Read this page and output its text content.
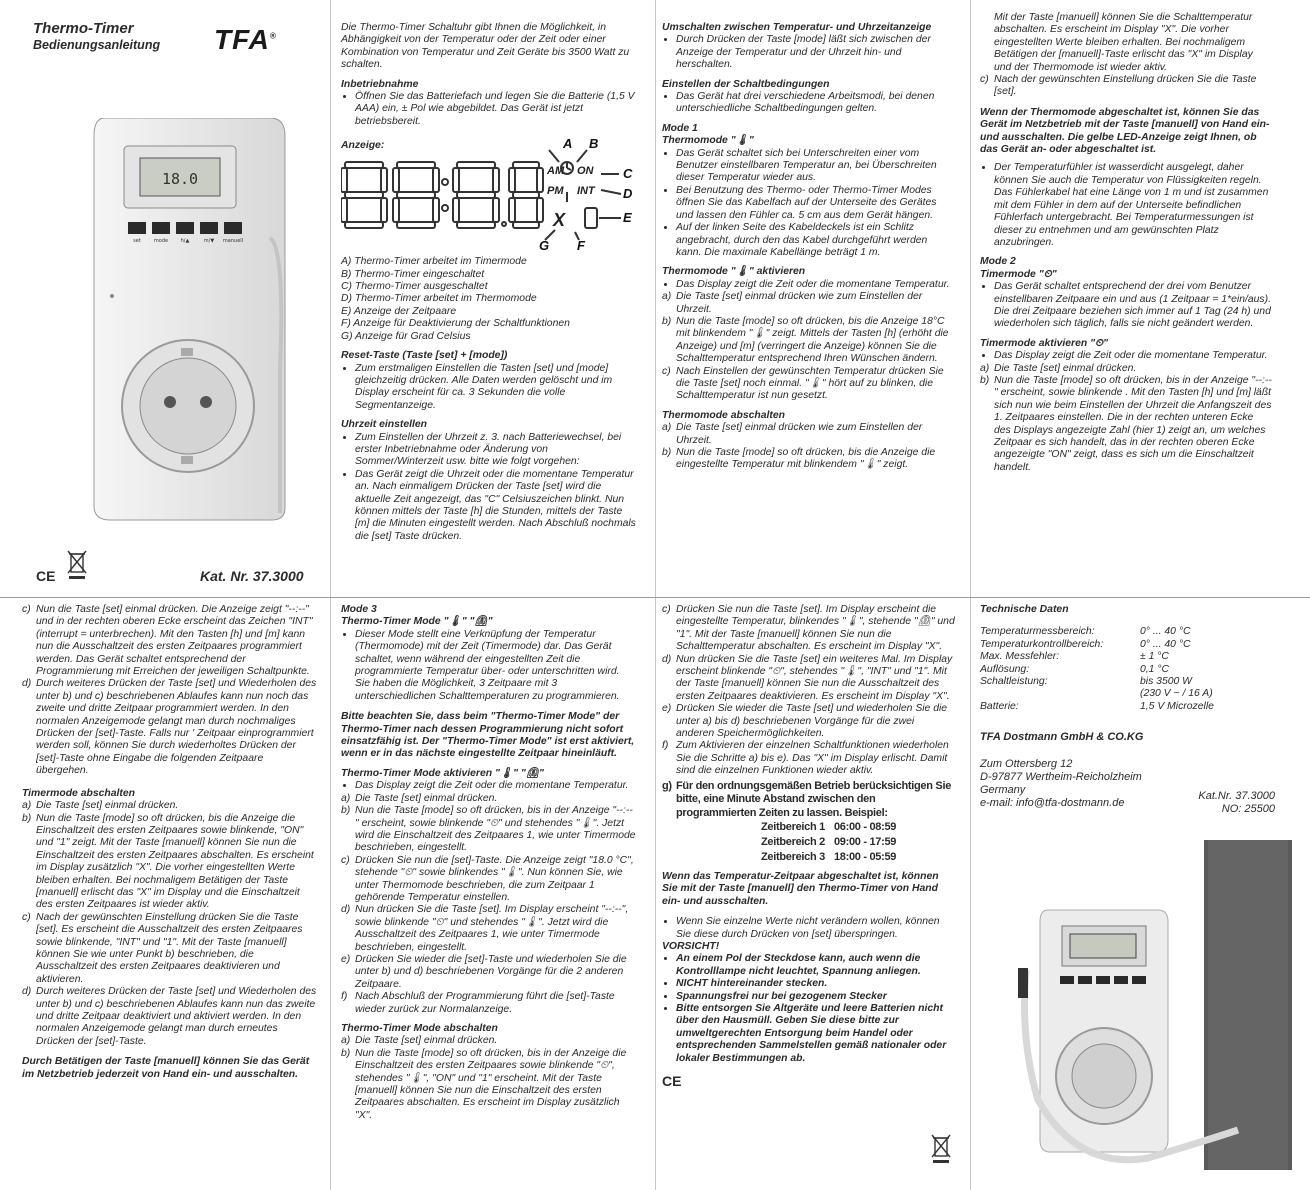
Thermo-Timer
Bedienungsanleitung TFA®
18.0
set	mode	h/▲	m/▼ manuell
CE	Kat. Nr. 37.3000

Die Thermo-Timer Schaltuhr gibt Ihnen die Möglichkeit, in Abhängigkeit von der Temperatur oder der Zeit oder einer Kombination von Temperatur und Zeit Geräte bis 3500 Watt zu schalten.

Inbetriebnahme

• Öffnen Sie das Batteriefach und legen Sie die Batterie (1,5 V AAA) ein, ± Pol wie abgebildet. Das Gerät ist jetzt betriebsbereit.
Anzeige:
AM
PM
ON
INT
X
A B
C
D
E
G F
A) Thermo-Timer arbeitet im Timermode
B) Thermo-Timer eingeschaltet
C) Thermo-Timer ausgeschaltet
D) Thermo-Timer arbeitet im Thermomode
E) Anzeige der Zeitpaare
F) Anzeige für Deaktivierung der Schaltfunktionen
G) Anzeige für Grad Celsius

Reset-Taste (Taste [set] + [mode])

• Zum erstmaligen Einstellen die Tasten [set] und [mode] gleichzeitig drücken. Alle Daten werden gelöscht und im Display erscheint für ca. 3 Sekunden die volle Segmentanzeige.

Uhrzeit einstellen

• Zum Einstellen der Uhrzeit z. 3. nach Batteriewechsel, bei erster Inbetriebnahme oder Änderung von Sommer/Winterzeit usw. bitte wie folgt vorgehen:
• Das Gerät zeigt die Uhrzeit oder die momentane Temperatur an. Nach einmaligem Drücken der Taste [set] wird die aktuelle Zeit angezeigt, das "C" Celsiuszeichen blinkt. Nun können mittels der Taste [h] die Stunden, mittels der Taste [m] die Minuten eingestellt werden. Nach Abschluß nochmals die [set] Taste drücken.

Umschalten zwischen Temperatur- und Uhrzeitanzeige

• Durch Drücken der Taste [mode] läßt sich zwischen der Anzeige der Temperatur und der Uhrzeit hin- und herschalten.

Einstellen der Schaltbedingungen

• Das Gerät hat drei verschiedene Arbeitsmodi, bei denen unterschiedliche Schaltbedingungen gelten.

Mode 1

Thermomode "🌡"

• Das Gerät schaltet sich bei Unterschreiten einer vom Benutzer einstellbaren Temperatur an, bei Überschreiten dieser Temperatur wieder aus.
• Bei Benutzung des Thermo- oder Thermo-Timer Modes öffnen Sie das Kabelfach auf der Unterseite des Gerätes und lassen den Fühler ca. 5 cm aus dem Gerät hängen.
• Auf der linken Seite des Kabeldeckels ist ein Schlitz angebracht, durch den das Kabel durchgeführt werden kann. Die maximale Kabellänge beträgt 1 m.

Thermomode "🌡" aktivieren

• Das Display zeigt die Zeit oder die momentane Temperatur.
a) Die Taste [set] einmal drücken wie zum Einstellen der Uhrzeit.
b) Nun die Taste [mode] so oft drücken, bis die Anzeige 18°C mit blinkendem "🌡" zeigt. Mittels der Tasten [h] (erhöht die Anzeige) und [m] (verringert die Anzeige) können Sie die Schalttemperatur entsprechend Ihren Wünschen ändern.
c) Nach Einstellen der gewünschten Temperatur drücken Sie die Taste [set] noch einmal. "🌡" hört auf zu blinken, die Schalttemperatur ist nun gesetzt.

Thermomode abschalten

a) Die Taste [set] einmal drücken wie zum Einstellen der Uhrzeit.
b) Nun die Taste [mode] so oft drücken, bis die Anzeige die eingestellte Temperatur mit blinkendem "🌡" zeigt.

Mit der Taste [manuell] können Sie die Schalttemperatur abschalten. Es erscheint im Display "X". Die vorher eingestellten Werte bleiben erhalten. Bei nochmaligem Betätigen der [manuell]-Taste erlischt das "X" im Display und der Thermomode ist wieder aktiv.

c) Nach der gewünschten Einstellung drücken Sie die Taste [set].

Wenn der Thermomode abgeschaltet ist, können Sie das Gerät im Netzbetrieb mit der Taste [manuell] von Hand ein- und ausschalten. Die gelbe LED-Anzeige zeigt Ihnen, ob das Gerät an- oder abgeschaltet ist.

• Der Temperaturfühler ist wasserdicht ausgelegt, daher können Sie auch die Temperatur von Flüssigkeiten regeln. Das Fühlerkabel hat eine Länge von 1 m und ist zusammen mit dem Fühler in dem auf der Unterseite befindlichen Fühlerfach untergebracht. Bei Temperaturmessungen ist dieser zu entnehmen und am gewünschten Platz anzubringen.

Mode 2

Timermode "⏲"

• Das Gerät schaltet entsprechend der drei vom Benutzer einstellbaren Zeitpaare ein und aus (1 Zeitpaar = 1*ein/aus). Die drei Zeitpaare beziehen sich immer auf 1 Tag (24 h) und wiederholen sich täglich, falls sie nicht geändert werden.

Timermode aktivieren "⏲"

• Das Display zeigt die Zeit oder die momentane Temperatur.
a) Die Taste [set] einmal drücken.
b) Nun die Taste [mode] so oft drücken, bis in der Anzeige "--:--" erscheint, sowie blinkende . Mit den Tasten [h] und [m] läßt sich nun wie beim Einstellen der Uhrzeit die Anfangszeit des 1. Zeitpaares einstellen. Die in der rechten unteren Ecke des Displays angezeigte Zahl (hier 1) zeigt an, um welches Zeitpaar es sich handelt, das in der rechten oberen Ecke angezeigte "ON" zeigt, dass es sich um die Einschaltzeit handelt.
c) Nun die Taste [set] einmal drücken. Die Anzeige zeigt "--:--" und in der rechten oberen Ecke erscheint das Zeichen "INT" (interrupt = unterbrechen). Mit den Tasten [h] und [m] kann nun die Ausschaltzeit des ersten Zeitpaares programmiert werden. Das Gerät schaltet entsprechend der Programmierung mit Erreichen der jeweiligen Schaltpunkte.
d) Durch weiteres Drücken der Taste [set] und Wiederholen des unter b) und c) beschriebenen Ablaufes kann nun noch das zweite und dritte Zeitpaar programmiert werden. In den normalen Anzeigemode gelangt man durch nochmaliges Drücken der [set]-Taste. Falls nur ' Zeitpaar einprogrammiert werden soll, können Sie durch wiederholtes Drücken der [set]-Taste ohne Eingabe die folgenden Zeitpaare übergehen.

Timermode abschalten

a) Die Taste [set] einmal drücken.
b) Nun die Taste [mode] so oft drücken, bis die Anzeige die Einschaltzeit des ersten Zeitpaares sowie blinkende, "ON" und "1" zeigt. Mit der Taste [manuell] können Sie nun die Einschaltzeit des ersten Zeitpaares abschalten. Es erscheint im Display zusätzlich "X". Die vorher eingestellten Werte bleiben erhalten. Bei nochmaligem Betätigen der Taste [manuell] erlischt das "X" im Display und die Einschaltzeit des ersten Zeitpaares ist wieder aktiv.
c) Nach der gewünschten Einstellung drücken Sie die Taste [set]. Es erscheint die Ausschaltzeit des ersten Zeitpaares sowie blinkende, "INT" und "1". Mit der Taste [manuell] können Sie wie unter Punkt b) beschrieben, die Ausschaltzeit des ersten Zeitpaares deaktivieren und aktivieren.
d) Durch weiteres Drücken der Taste [set] und Wiederholen des unter b) und c) beschriebenen Ablaufes kann nun das zweite und dritte Zeitpaar deaktiviert und aktiviert werden. In den normalen Anzeigemode gelangt man durch erneutes Drücken der [set]-Taste.

Durch Betätigen der Taste [manuell] können Sie das Gerät im Netzbetrieb jederzeit von Hand ein- und ausschalten.

Mode 3

Thermo-Timer Mode "🌡" "⏲"

• Dieser Mode stellt eine Verknüpfung der Temperatur (Thermomode) mit der Zeit (Timermode) dar. Das Gerät schaltet, wenn während der eingestellten Zeit die programmierte Temperatur über- oder unterschritten wird. Sie haben die Möglichkeit, 3 Zeitpaare mit 3 unterschiedlichen Schalttemperaturen zu programmieren.

Bitte beachten Sie, dass beim "Thermo-Timer Mode" der Thermo-Timer nach dessen Programmierung nicht sofort einsatzfähig ist. Der "Thermo-Timer Mode" ist erst aktiviert, wenn er in das nächste eingestellte Zeitpaar hineinläuft.

Thermo-Timer Mode aktivieren "🌡" "⏲"

• Das Display zeigt die Zeit oder die momentane Temperatur.
a) Die Taste [set] einmal drücken.
b) Nun die Taste [mode] so oft drücken, bis in der Anzeige "--:--" erscheint, sowie blinkende "⏲" und stehendes "🌡". Jetzt wird die Einschaltzeit des Zeitpaares 1, wie unter Timermode beschrieben, eingestellt.
c) Drücken Sie nun die [set]-Taste. Die Anzeige zeigt "18.0 °C", stehende "⏲" sowie blinkendes "🌡". Nun können Sie, wie unter Thermomode beschrieben, die zum Zeitpaar 1 gehörende Temperatur einstellen.
d) Nun drücken Sie die Taste [set]. Im Display erscheint "--:--", sowie blinkende "⏲" und stehendes "🌡". Jetzt wird die Ausschaltzeit des Zeitpaares 1, wie unter Timermode beschrieben, eingestellt.
e) Drücken Sie wieder die [set]-Taste und wiederholen Sie die unter b) und d) beschriebenen Vorgänge für die 2 anderen Zeitpaare.
f) Nach Abschluß der Programmierung führt die [set]-Taste wieder zurück zur Normalanzeige.

Thermo-Timer Mode abschalten

a) Die Taste [set] einmal drücken.
b) Nun die Taste [mode] so oft drücken, bis in der Anzeige die Einschaltzeit des ersten Zeitpaares sowie blinkende "⏲", stehendes "🌡", "ON" und "1" erscheint. Mit der Taste [manuell] können Sie nun die Einschaltzeit des ersten Zeitpaares abschalten. Es erscheint im Display zusätzlich "X".
c) Drücken Sie nun die Taste [set]. Im Display erscheint die eingestellte Temperatur, blinkendes "🌡", stehende "⏲" und "1". Mit der Taste [manuell] können Sie nun die Schalttemperatur abschalten. Es erscheint im Display "X".
d) Nun drücken Sie die Taste [set] ein weiteres Mal. Im Display erscheint blinkende "⏲", stehendes "🌡", "INT" und "1". Mit der Taste [manuell] können Sie nun die Ausschaltzeit des ersten Zeitpaares deaktivieren. Es erscheint im Display "X".
e) Drücken Sie wieder die Taste [set] und wiederholen Sie die unter a) bis d) beschriebenen Vorgänge für die zwei anderen Speichermöglichkeiten.
f) Zum Aktivieren der einzelnen Schaltfunktionen wiederholen Sie die Schritte a) bis e). Das "X" im Display erlischt. Damit sind die einzelnen Funktionen wieder aktiv.
g) Für den ordnungsgemäßen Betrieb berücksichtigen Sie bitte, eine Minute Abstand zwischen den programmierten Zeiten zu lassen. Beispiel:
Zeitbereich 1	06:00 - 08:59
Zeitbereich 2	09:00 - 17:59
Zeitbereich 3	18:00 - 05:59

Wenn das Temperatur-Zeitpaar abgeschaltet ist, können Sie mit der Taste [manuell] den Thermo-Timer von Hand ein- und ausschalten.

• Wenn Sie einzelne Werte nicht verändern wollen, können Sie diese durch Drücken von [set] überspringen.

VORSICHT!

• An einem Pol der Steckdose kann, auch wenn die Kontrolllampe nicht leuchtet, Spannung anliegen.
• NICHT hintereinander stecken.
• Spannungsfrei nur bei gezogenem Stecker
• Bitte entsorgen Sie Altgeräte und leere Batterien nicht über den Hausmüll. Geben Sie diese bitte zur umweltgerechten Entsorgung beim Handel oder entsprechenden Sammelstellen gemäß nationaler oder lokaler Bestimmungen ab.
CE

Technische Daten

Temperaturmessbereich:	0° ... 40 °C
Temperaturkontrollbereich:	0° ... 40 °C
Max. Messfehler:	± 1 °C
Auflösung:	0,1 °C
Schaltleistung:	bis 3500 W
	(230 V ~ / 16 A)
Batterie:	1,5 V Microzelle

TFA Dostmann GmbH & CO.KG

Zum Ottersberg 12
D-97877 Wertheim-Reicholzheim
Germany
e-mail: info@tfa-dostmann.de
Kat.Nr. 37.3000
NO: 25500
